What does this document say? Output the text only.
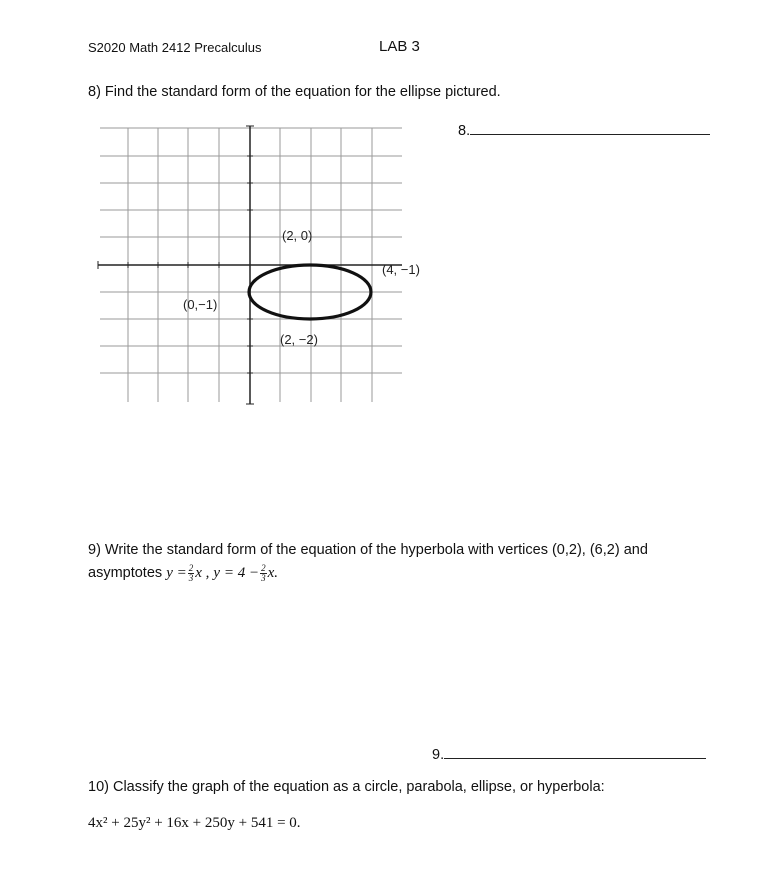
S2020 Math 2412 Precalculus	LAB 3
8) Find the standard form of the equation for the ellipse pictured.
8.
(2, 0)
(4, −1)
(0,−1)
(2, −2)
9) Write the standard form of the equation of the hyperbola with vertices (0,2), (6,2) and
asymptotes $y = \frac{2}{3}$ x , $y = 4 - \frac{2}{3} x$.
9.
10) Classify the graph of the equation as a circle, parabola, ellipse, or hyperbola:
4x² + 25y² + 16x + 250y + 541 = 0.
